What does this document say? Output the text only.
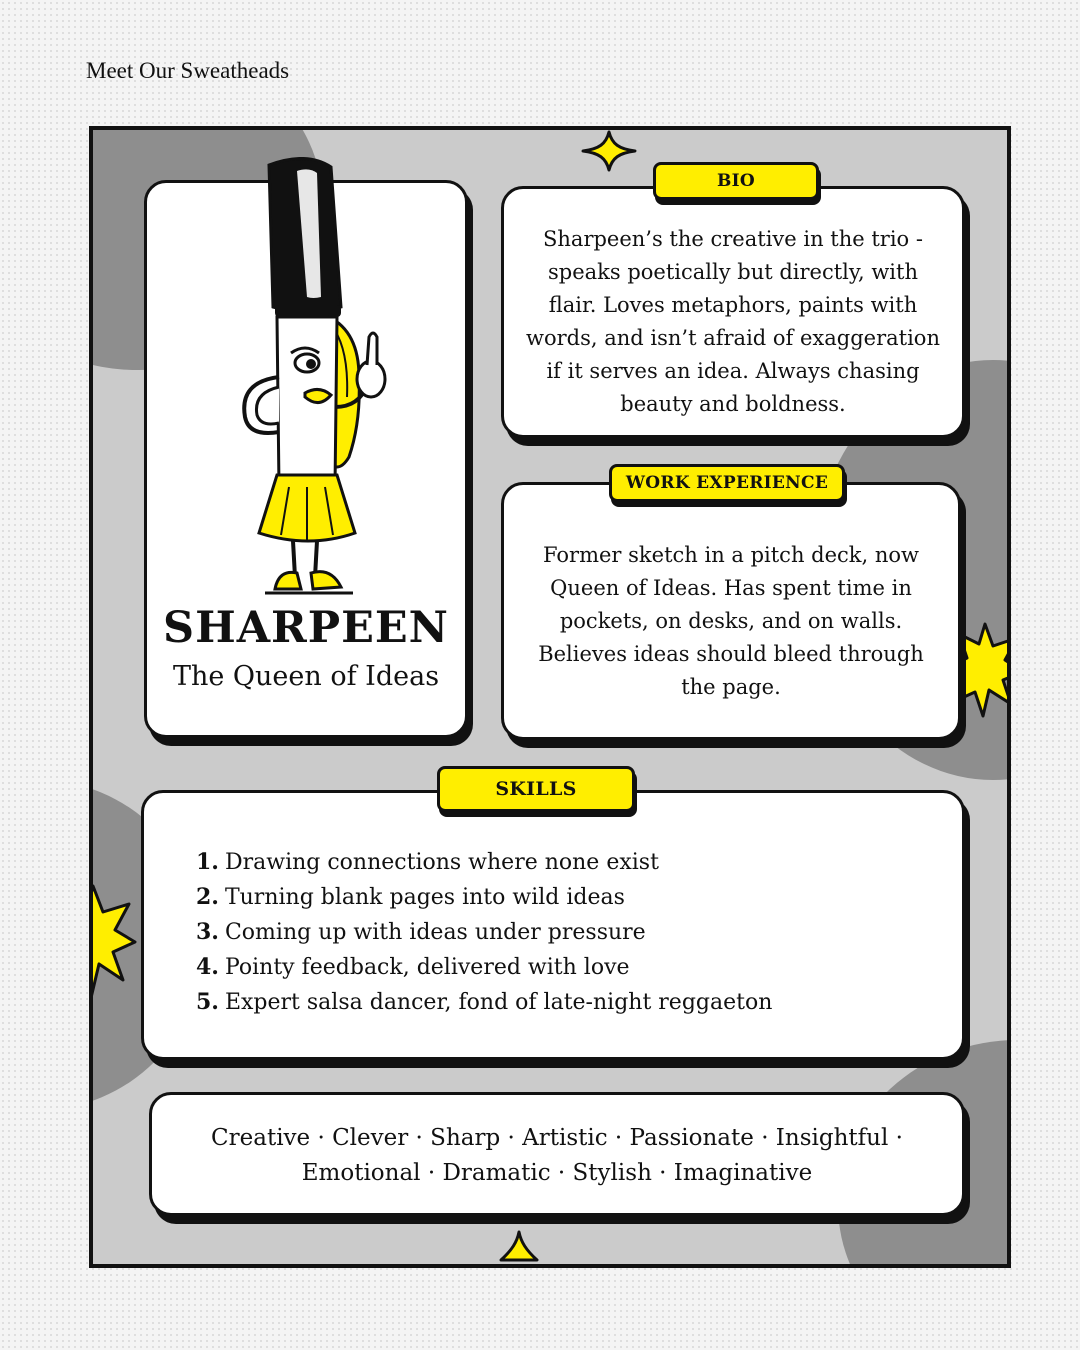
Meet Our Sweatheads
SHARPEEN
The Queen of Ideas
Sharpeen’s the creative in the trio -
speaks poetically but directly, with
flair. Loves metaphors, paints with
words, and isn’t afraid of exaggeration
if it serves an idea. Always chasing
beauty and boldness.
BIO
Former sketch in a pitch deck, now
Queen of Ideas. Has spent time in
pockets, on desks, and on walls.
Believes ideas should bleed through
the page.
WORK EXPERIENCE
1. Drawing connections where none exist
2. Turning blank pages into wild ideas
3. Coming up with ideas under pressure
4. Pointy feedback, delivered with love
5. Expert salsa dancer, fond of late-night reggaeton
SKILLS
Creative · Clever · Sharp · Artistic · Passionate · Insightful ·
Emotional · Dramatic · Stylish · Imaginative
